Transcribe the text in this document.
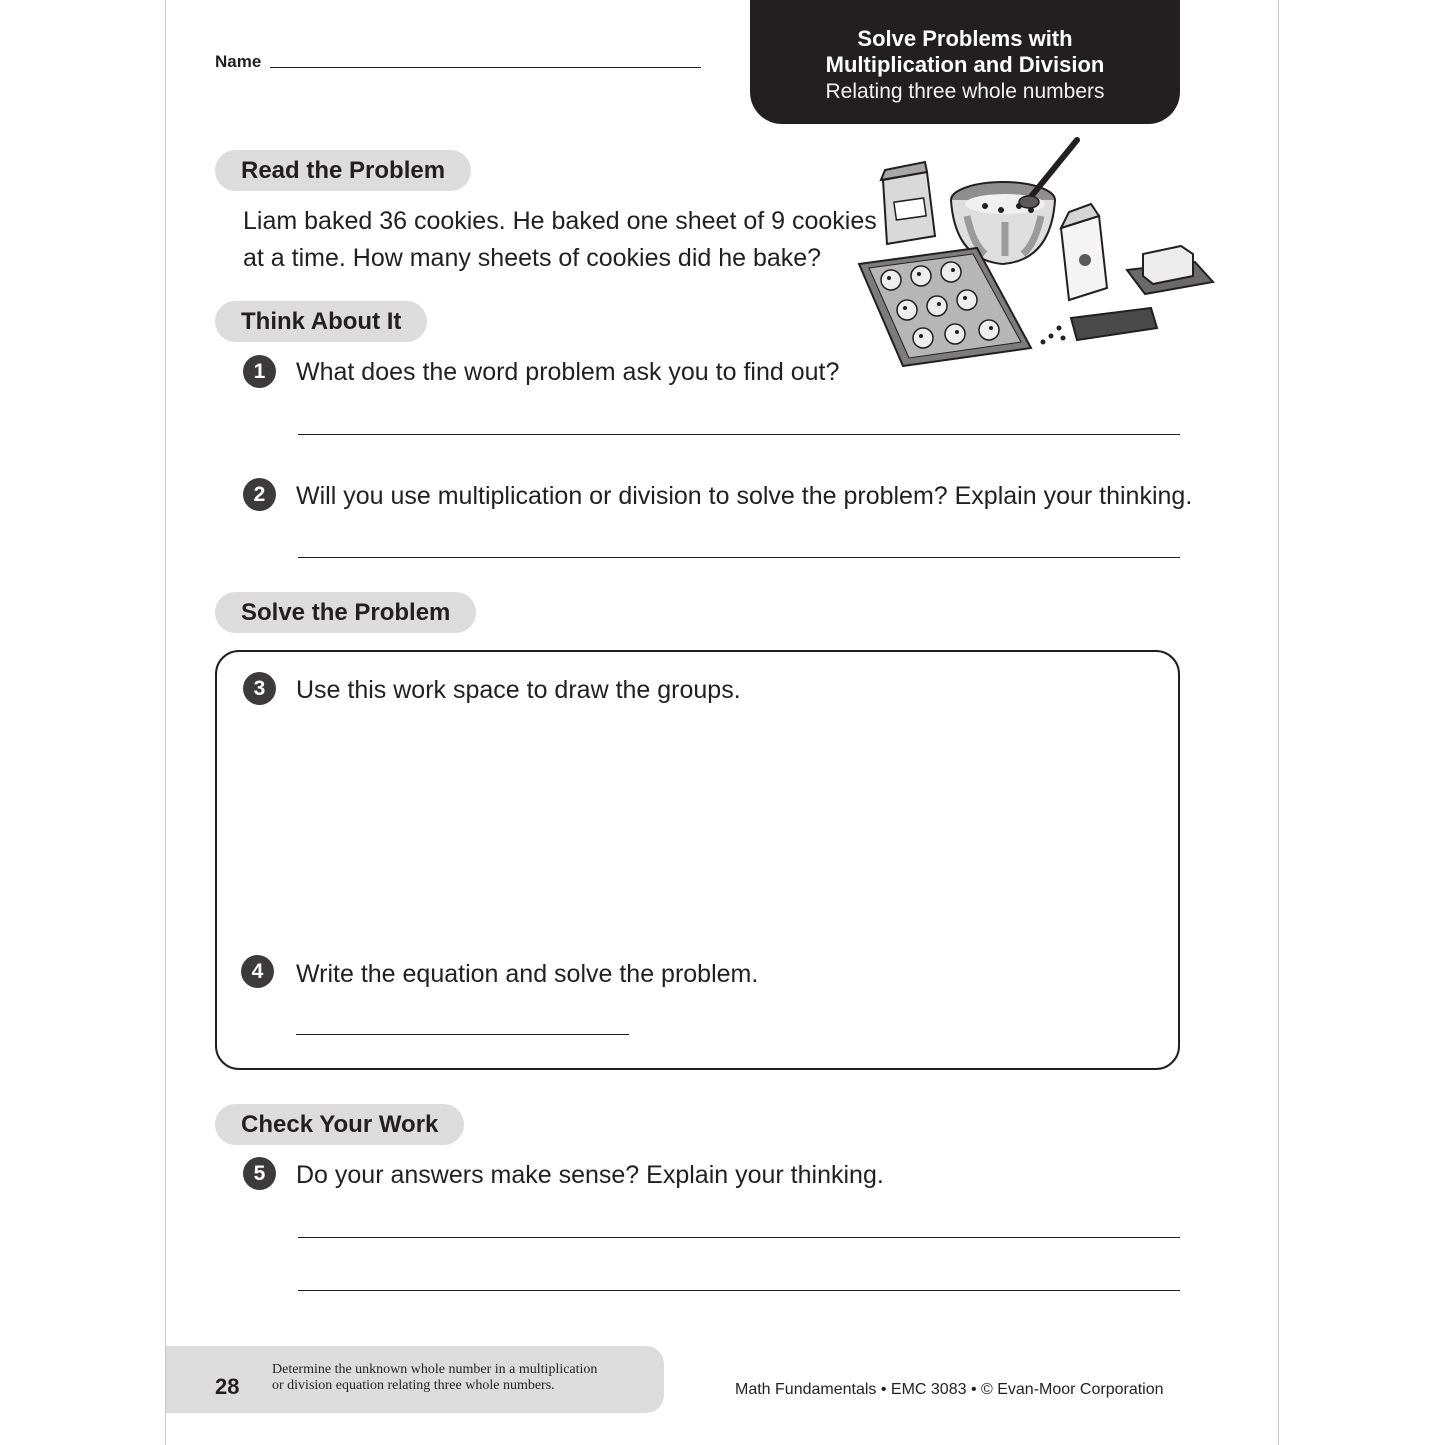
Name
Solve Problems with
Multiplication and Division
Relating three whole numbers
Read the Problem
Liam baked 36 cookies. He baked one sheet of 9 cookies
at a time. How many sheets of cookies did he bake?
Think About It
1	What does the word problem ask you to find out?
2	Will you use multiplication or division to solve the problem? Explain your thinking.
Solve the Problem
3	Use this work space to draw the groups.
4	Write the equation and solve the problem.
Check Your Work
5	Do your answers make sense? Explain your thinking.
28
Determine the unknown whole number in a multiplication
or division equation relating three whole numbers.	Math Fundamentals • EMC 3083 • © Evan-Moor Corporation
